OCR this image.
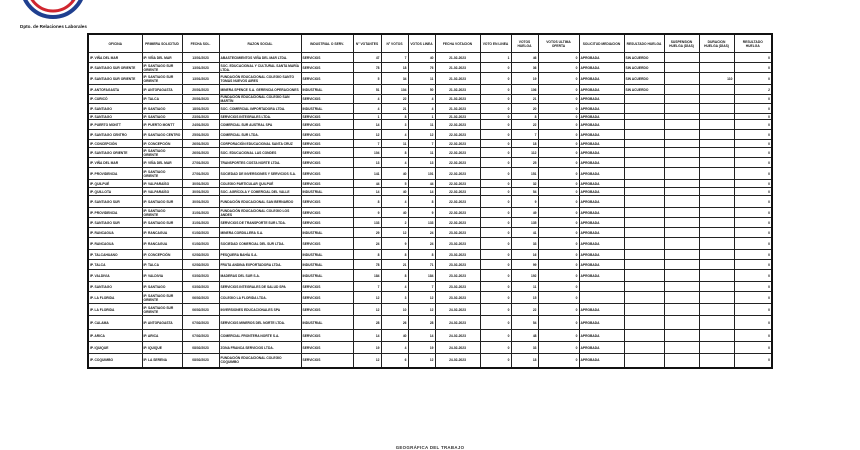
Dpto. de Relaciones Laborales
OFICINA	PRIMERA SOLICITUD	FECHA SOL.	RAZON SOCIAL	INDUSTRIAL O SERV.	N° VOTANTES	N° VOTOS	VOTOS LINEA	FECHA VOTACION	VOTO EN LINEA	VOTOS HUELGA	VOTOS ULTIMA OFERTA	SOLICITUD MEDIACION	RESULTADO HUELGA	SUSPENSION HUELGA (DÍAS)	DURACION HUELGA (DÍAS)	RESULTADO HUELGA
IP. VIÑA DEL MAR	IP. VIÑA DEL MAR	13/01/2023	ABASTECIMIENTOS VIÑA DEL MAR LTDA.	SERVICIOS	47	7	40	21-02-2023	1	46	0	APROBADA	SIN ACUERDO			0
IP. SANTIAGO SUR ORIENTE	IP. SANTIAGO SUR ORIENTE	13/01/2023	SOC. EDUCACIONAL Y CULTURAL SANTA MARÍA LTDA.	SERVICIOS	78	18	76	21-02-2023	0	36	0	APROBADA	SIN ACUERDO			0
IP. SANTIAGO SUR ORIENTE	IP. SANTIAGO SUR ORIENTE	13/01/2023	FUNDACIÓN EDUCACIONAL COLEGIO SANTO TOMÁS NUEVOS AIRES	SERVICIOS	5	34	11	21-02-2023	0	19	0	APROBADA	SIN ACUERDO		110	0
IP. ANTOFAGASTA	IP. ANTOFAGASTA	20/01/2023	MINERA SPENCE S.A. GERENCIA OPERACIONES	INDUSTRIAL	51	104	50	21-02-2023	0	106	0	APROBADA	SIN ACUERDO			2
IP. CURICÓ	IP. TALCA	20/01/2023	FUNDACIÓN EDUCACIONAL COLEGIO SAN MARTÍN	SERVICIOS	4	22	4	21-02-2023	0	21	0	APROBADA				0
IP. SANTIAGO	IP. SANTIAGO	18/01/2023	SOC. COMERCIAL IMPORTADORA LTDA.	INDUSTRIAL	4	21	4	21-02-2023	0	20	0	APROBADA				0
IP. SANTIAGO	IP. SANTIAGO	23/01/2023	SERVICIOS INTEGRALES LTDA.	SERVICIOS	1	8	1	21-02-2023	0	8	0	APROBADA				0
IP. PUERTO MONTT	IP. PUERTO MONTT	24/01/2023	COMERCIAL SUR AUSTRAL SPA	SERVICIOS	14	3	11	22-02-2023	0	22	0	APROBADA				0
IP. SANTIAGO CENTRO	IP. SANTIAGO CENTRO	25/01/2023	COMERCIAL SUR LTDA.	SERVICIOS	12	4	12	22-02-2023	0	7	0	APROBADA				0
IP. CONCEPCIÓN	IP. CONCEPCIÓN	26/01/2023	CORPORACIÓN EDUCACIONAL SANTA CRUZ	SERVICIOS	7	11	7	22-02-2023	0	18	0	APROBADA				0
IP. SANTIAGO ORIENTE	IP. SANTIAGO ORIENTE	26/01/2023	SOC. EDUCACIONAL LAS CONDES	SERVICIOS	104	8	11	22-02-2023	0	112	0	APROBADA				0
IP. VIÑA DEL MAR	IP. VIÑA DEL MAR	27/01/2023	TRANSPORTES COSTA NORTE LTDA.	SERVICIOS	13	4	13	22-02-2023	0	25	0	APROBADA				0
IP. PROVIDENCIA	IP. SANTIAGO ORIENTE	27/01/2023	SOCIEDAD DE INVERSIONES Y SERVICIOS S.A.	SERVICIOS	141	40	101	22-02-2023	0	151	0	APROBADA				0
IP. QUILPUÉ	IP. VALPARAÍSO	30/01/2023	COLEGIO PARTICULAR QUILPUÉ	SERVICIOS	44	5	44	22-02-2023	0	32	0	APROBADA				0
IP. QUILLOTA	IP. VALPARAÍSO	30/01/2023	SOC. AGRÍCOLA Y COMERCIAL DEL VALLE	INDUSTRIAL	14	40	14	22-02-2023	0	54	0	APROBADA				0
IP. SANTIAGO SUR	IP. SANTIAGO SUR	30/01/2023	FUNDACIÓN EDUCACIONAL SAN BERNARDO	SERVICIOS	8	4	8	22-02-2023	0	9	0	APROBADA				0
IP. PROVIDENCIA	IP. SANTIAGO ORIENTE	31/01/2023	FUNDACIÓN EDUCACIONAL COLEGIO LOS ANDES	SERVICIOS	9	40	9	22-02-2023	0	49	0	APROBADA				0
IP. SANTIAGO SUR	IP. SANTIAGO SUR	31/01/2023	SERVICIOS DE TRANSPORTE SUR LTDA.	SERVICIOS	133	2	133	22-02-2023	0	135	0	APROBADA				0
IP. RANCAGUA	IP. RANCAGUA	01/02/2023	MINERA CORDILLERA S.A.	INDUSTRIAL	29	12	24	23-02-2023	0	41	0	APROBADA				0
IP. RANCAGUA	IP. RANCAGUA	01/02/2023	SOCIEDAD COMERCIAL DEL SUR LTDA.	SERVICIOS	24	9	24	23-02-2023	0	33	0	APROBADA				0
IP. TALCAHUANO	IP. CONCEPCIÓN	02/02/2023	PESQUERA BAHÍA S.A.	INDUSTRIAL	8	8	8	23-02-2023	0	16	0	APROBADA				0
IP. TALCA	IP. TALCA	02/02/2023	FRUTA ANDINA EXPORTADORA LTDA.	INDUSTRIAL	78	21	71	23-02-2023	0	99	0	APROBADA				0
IP. VALDIVIA	IP. VALDIVIA	03/02/2023	MADERAS DEL SUR S.A.	INDUSTRIAL	184	8	184	23-02-2023	0	192	0	APROBADA				0
IP. SANTIAGO	IP. SANTIAGO	03/02/2023	SERVICIOS INTEGRALES DE SALUD SPA	SERVICIOS	7	4	7	23-02-2023	0	11	0					0
IP. LA FLORIDA	IP. SANTIAGO SUR ORIENTE	06/02/2023	COLEGIO LA FLORIDA LTDA.	SERVICIOS	12	3	12	23-02-2023	0	15	0					0
IP. LA FLORIDA	IP. SANTIAGO SUR ORIENTE	06/02/2023	INVERSIONES EDUCACIONALES SPA	SERVICIOS	12	10	12	24-02-2023	0	22	0	APROBADA				0
IP. CALAMA	IP. ANTOFAGASTA	07/02/2023	SERVICIOS MINEROS DEL NORTE LTDA.	INDUSTRIAL	28	26	28	24-02-2023	0	54	0	APROBADA				0
IP. ARICA	IP. ARICA	07/02/2023	COMERCIAL FRONTERA NORTE S.A.	SERVICIOS	14	40	14	24-02-2023	0	48	0	APROBADA				0
IP. IQUIQUE	IP. IQUIQUE	08/02/2023	ZONA FRANCA SERVICIOS LTDA.	SERVICIOS	19	4	19	24-02-2023	0	33	0	APROBADA				0
IP. COQUIMBO	IP. LA SERENA	08/02/2023	FUNDACIÓN EDUCACIONAL COLEGIO COQUIMBO	SERVICIOS	12	6	12	24-02-2023	0	18	0	APROBADA				0
GEOGRÁFICA DEL TRABAJO
